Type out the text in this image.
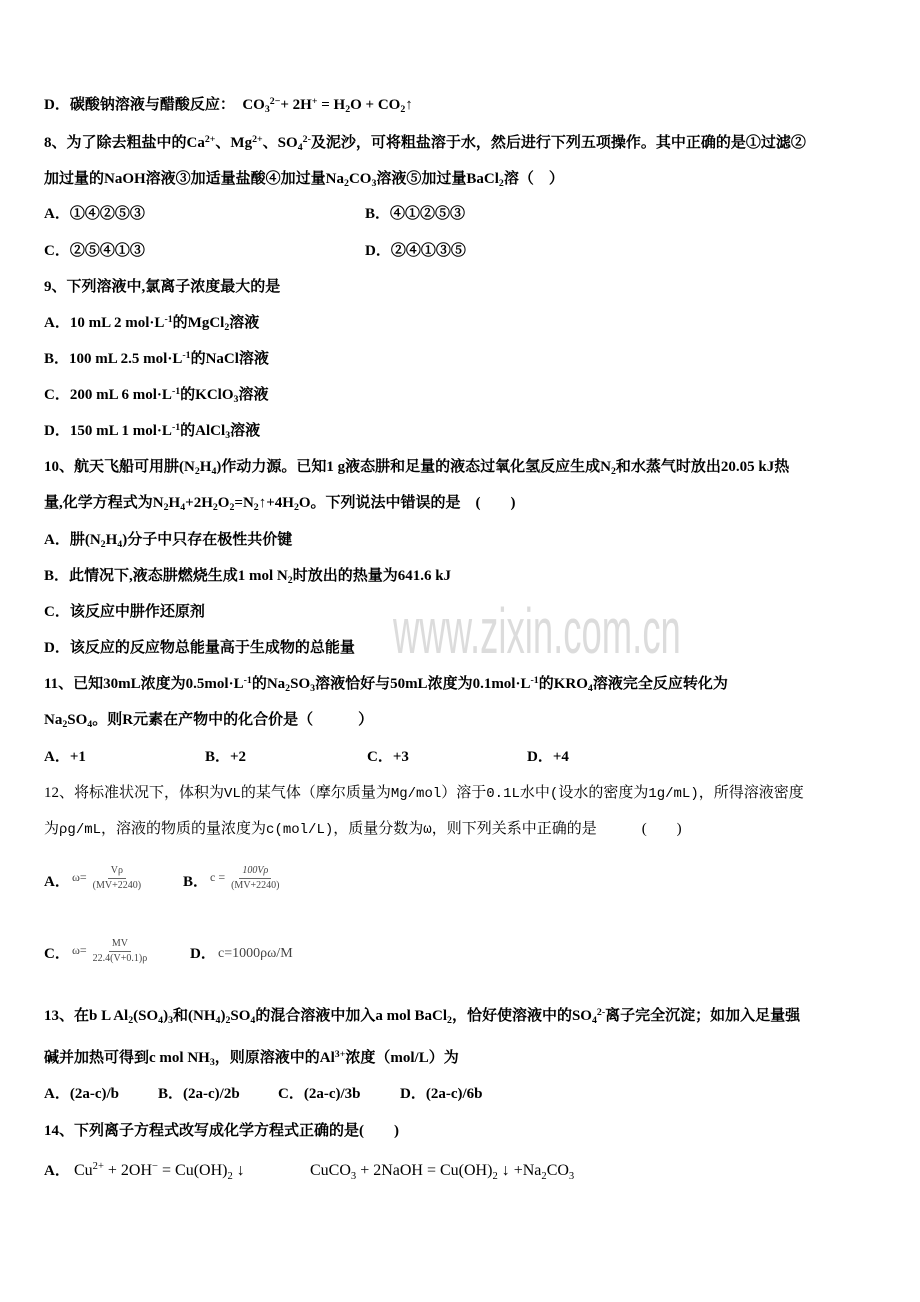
www.zixin.com.cn
D．碳酸钠溶液与醋酸反应：　$CO_3^{2-}+ 2H^+ = H_2O$ + $CO_2↑$
8、为了除去粗盐中的$Ca^{2+}$、$Mg^{2+}$、$SO_4^{2-}$及泥沙，可将粗盐溶于水，然后进行下列五项操作。其中正确的是①过滤②
加过量的NaOH溶液③加适量盐酸④加过量$Na_2CO_3$溶液⑤加过量BaCl$_2$溶（　）
A．①④②⑤③	B．④①②⑤③
C．②⑤④①③	D．②④①③⑤
9、下列溶液中,氯离子浓度最大的是
A．10 mL 2 $mol\cdot L^{-1}$的MgCl$_2$溶液
B．100 mL 2.5 $mol\cdot L^{-1}$的NaCl溶液
C．200 mL 6 $mol\cdot L^{-1}$的KClO$_3$溶液
D．150 mL 1 $mol\cdot L^{-1}$的AlCl$_3$溶液
10、航天飞船可用肼$(N_2H_4)$作动力源。已知1 g液态肼和足量的液态过氧化氢反应生成$N_2$和水蒸气时放出20.05 kJ热
量,化学方程式为$N_2H_4+2H_2O_2=N_2↑+4H_2O$。下列说法中错误的是　(　　)
A．肼$(N_2H_4)$分子中只存在极性共价键
B．此情况下,液态肼燃烧生成1 mol $N_2$时放出的热量为641.6 kJ
C．该反应中肼作还原剂
D．该反应的反应物总能量高于生成物的总能量
11、已知30mL浓度为$0.5mol\cdot L^{-1}$的$Na_2SO_3$溶液恰好与50mL浓度为$0.1mol\cdot L^{-1}$的$KRO_4$溶液完全反应转化为
$Na_2SO_4$。则R元素在产物中的化合价是（　　　）
A．+1	B．+2	C．+3	D．+4
12、将标准状况下，体积为VL的某气体（摩尔质量为Mg/mol）溶于0.1L水中(设水的密度为1g/mL)，所得溶液密度
为ρg/mL，溶液的物质的量浓度为c(mol/L)，质量分数为ω，则下列关系中正确的是　　　(　　)
A． $\omega= \frac{V\rho}{(MV+2240)}$	B． $c = \frac{100V\rho}{(MV+2240)}$
C． $\omega= \frac{MV}{22.4(V+0.1)\rho}$	D． c=1000ρω/M
13、在b L $Al_2(SO_4)_3$和$(NH_4)_2SO_4$的混合溶液中加入a mol BaCl$_2$，恰好使溶液中的$SO_4^{2-}$离子完全沉淀；如加入足量强
碱并加热可得到c mol $NH_3$，则原溶液中的$Al^{3+}$浓度（mol/L）为
A．(2a-c)/b	B．(2a-c)/2b	C．(2a-c)/3b	D．(2a-c)/6b
14、下列离子方程式改写成化学方程式正确的是(　　)
A． $Cu^{2+} + 2OH^- = Cu(OH)_2$ ↓	CuCO$_3$ + 2NaOH = $Cu(OH)_2$ ↓ $+Na_2CO_3$
